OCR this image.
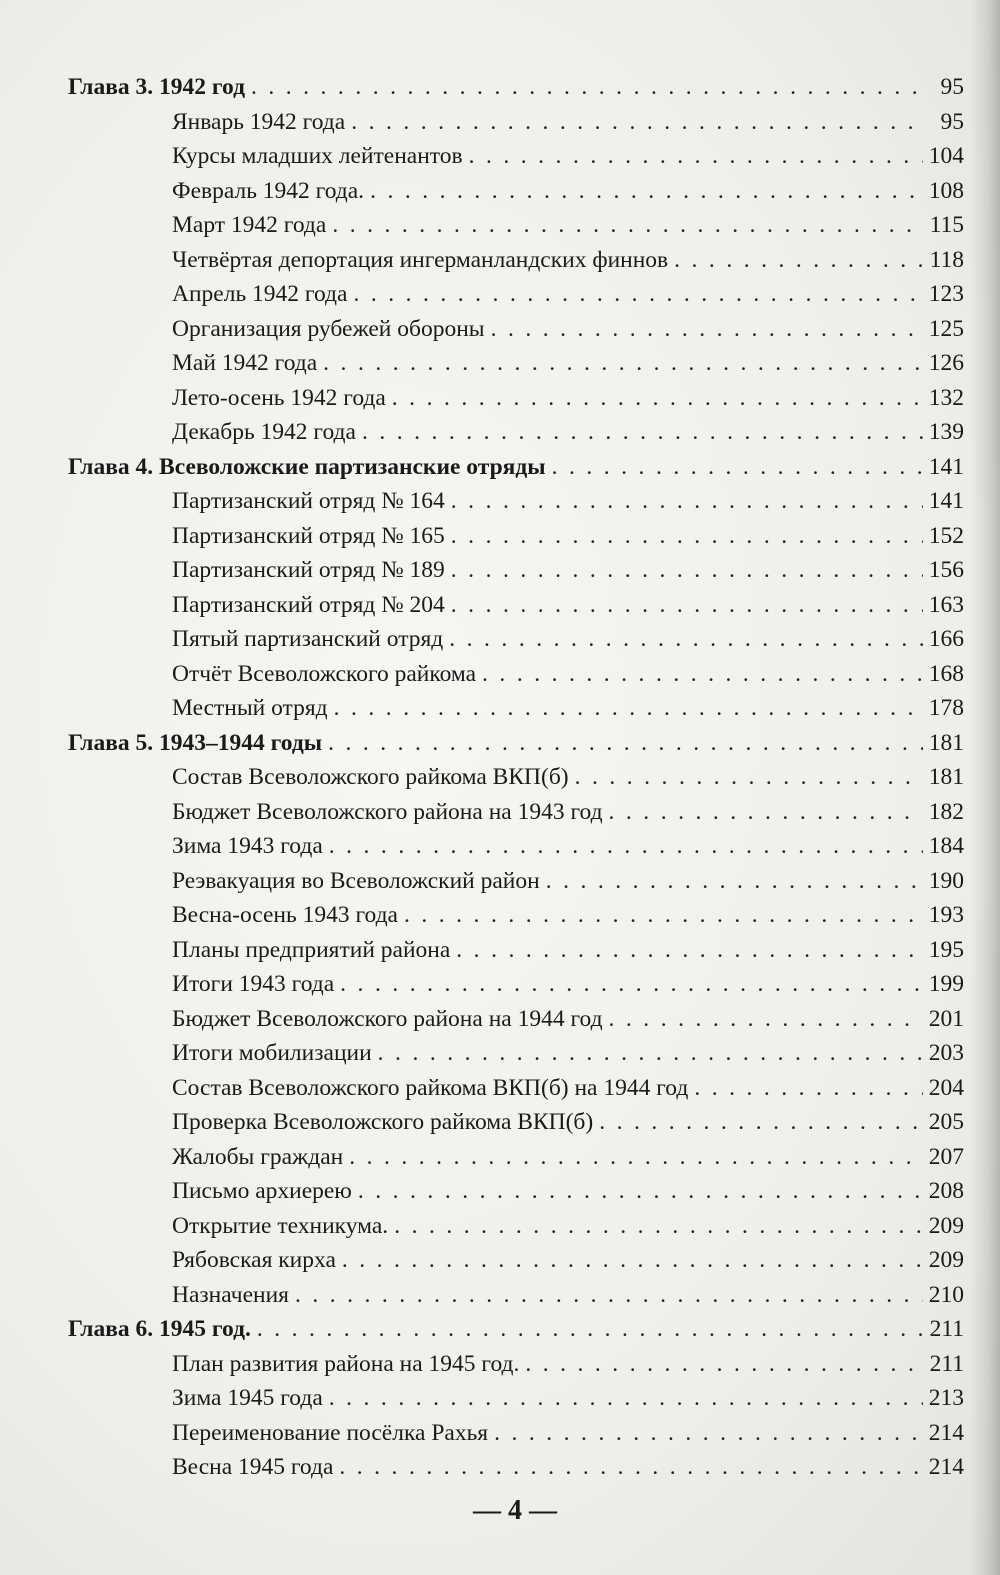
Глава 3. 1942 год . . .	95
Январь 1942 года . . .	95
Курсы младших лейтенантов . . .	104
Февраль 1942 года. . . .	108
Март 1942 года . . .	115
Четвёртая депортация ингерманландских финнов . . .	118
Апрель 1942 года . . .	123
Организация рубежей обороны . . .	125
Май 1942 года . . .	126
Лето-осень 1942 года . . .	132
Декабрь 1942 года . . .	139
Глава 4. Всеволожские партизанские отряды . . .	141
Партизанский отряд № 164 . . .	141
Партизанский отряд № 165 . . .	152
Партизанский отряд № 189 . . .	156
Партизанский отряд № 204 . . .	163
Пятый партизанский отряд . . .	166
Отчёт Всеволожского райкома . . .	168
Местный отряд . . .	178
Глава 5. 1943–1944 годы . . .	181
Состав Всеволожского райкома ВКП(б) . . .	181
Бюджет Всеволожского района на 1943 год . . .	182
Зима 1943 года . . .	184
Реэвакуация во Всеволожский район . . .	190
Весна-осень 1943 года . . .	193
Планы предприятий района . . .	195
Итоги 1943 года . . .	199
Бюджет Всеволожского района на 1944 год . . .	201
Итоги мобилизации . . .	203
Состав Всеволожского райкома ВКП(б) на 1944 год . . .	204
Проверка Всеволожского райкома ВКП(б) . . .	205
Жалобы граждан . . .	207
Письмо архиерею . . .	208
Открытие техникума. . . .	209
Рябовская кирха . . .	209
Назначения . . .	210
Глава 6. 1945 год. . . .	211
План развития района на 1945 год. . . .	211
Зима 1945 года . . .	213
Переименование посёлка Рахья . . .	214
Весна 1945 года . . .	214
— 4 —
